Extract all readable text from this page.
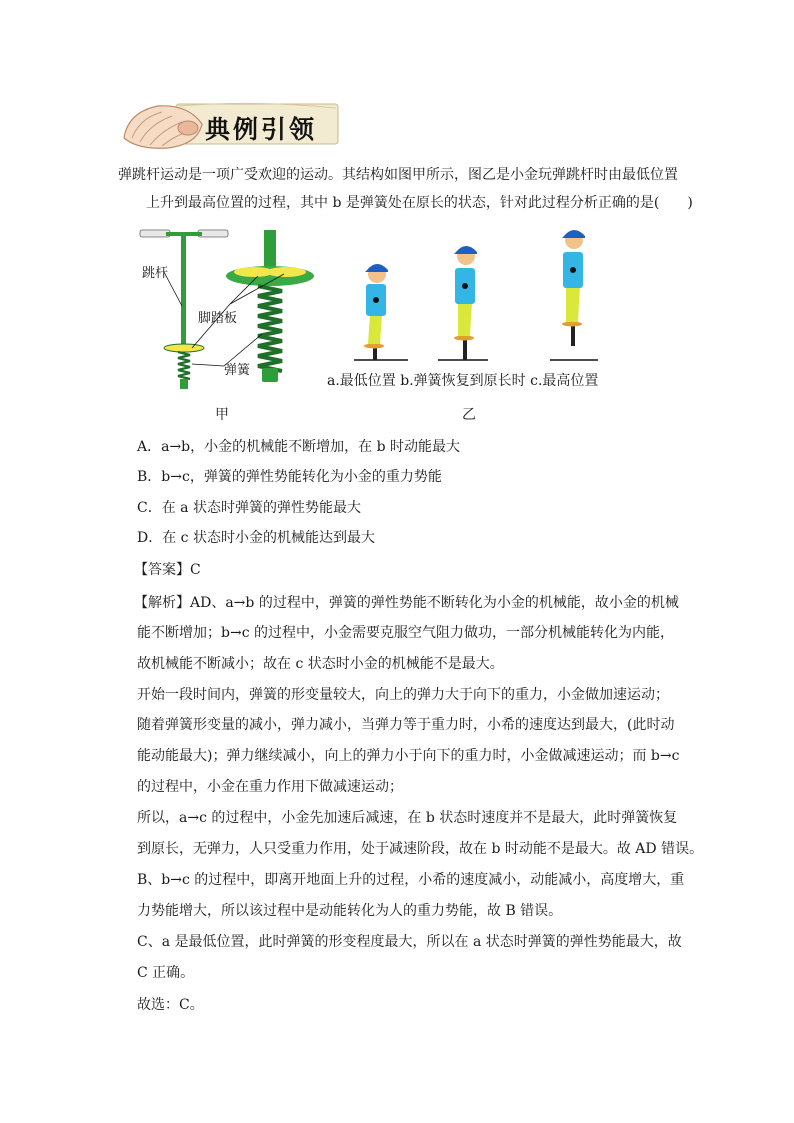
典例引领
弹跳杆运动是一项广受欢迎的运动。其结构如图甲所示，图乙是小金玩弹跳杆时由最低位置
上升到最高位置的过程，其中 b 是弹簧处在原长的状态，针对此过程分析正确的是(　　)
跳杆
脚踏板
弹簧
a.最低位置 b.弹簧恢复到原长时 c.最高位置
甲	乙
A．a→b，小金的机械能不断增加，在 b 时动能最大
B．b→c，弹簧的弹性势能转化为小金的重力势能
C．在 a 状态时弹簧的弹性势能最大
D．在 c 状态时小金的机械能达到最大
【答案】C
【解析】AD、a→b 的过程中，弹簧的弹性势能不断转化为小金的机械能，故小金的机械
能不断增加；b→c 的过程中，小金需要克服空气阻力做功，一部分机械能转化为内能，
故机械能不断减小；故在 c 状态时小金的机械能不是最大。
开始一段时间内，弹簧的形变量较大，向上的弹力大于向下的重力，小金做加速运动；
随着弹簧形变量的减小，弹力减小，当弹力等于重力时，小希的速度达到最大，(此时动
能动能最大)；弹力继续减小，向上的弹力小于向下的重力时，小金做减速运动；而 b→c
的过程中，小金在重力作用下做减速运动；
所以，a→c 的过程中，小金先加速后减速，在 b 状态时速度并不是最大，此时弹簧恢复
到原长，无弹力，人只受重力作用，处于减速阶段，故在 b 时动能不是最大。故 AD 错误。
B、b→c 的过程中，即离开地面上升的过程，小希的速度减小，动能减小，高度增大，重
力势能增大，所以该过程中是动能转化为人的重力势能，故 B 错误。
C、a 是最低位置，此时弹簧的形变程度最大，所以在 a 状态时弹簧的弹性势能最大，故
C 正确。
故选：C。
